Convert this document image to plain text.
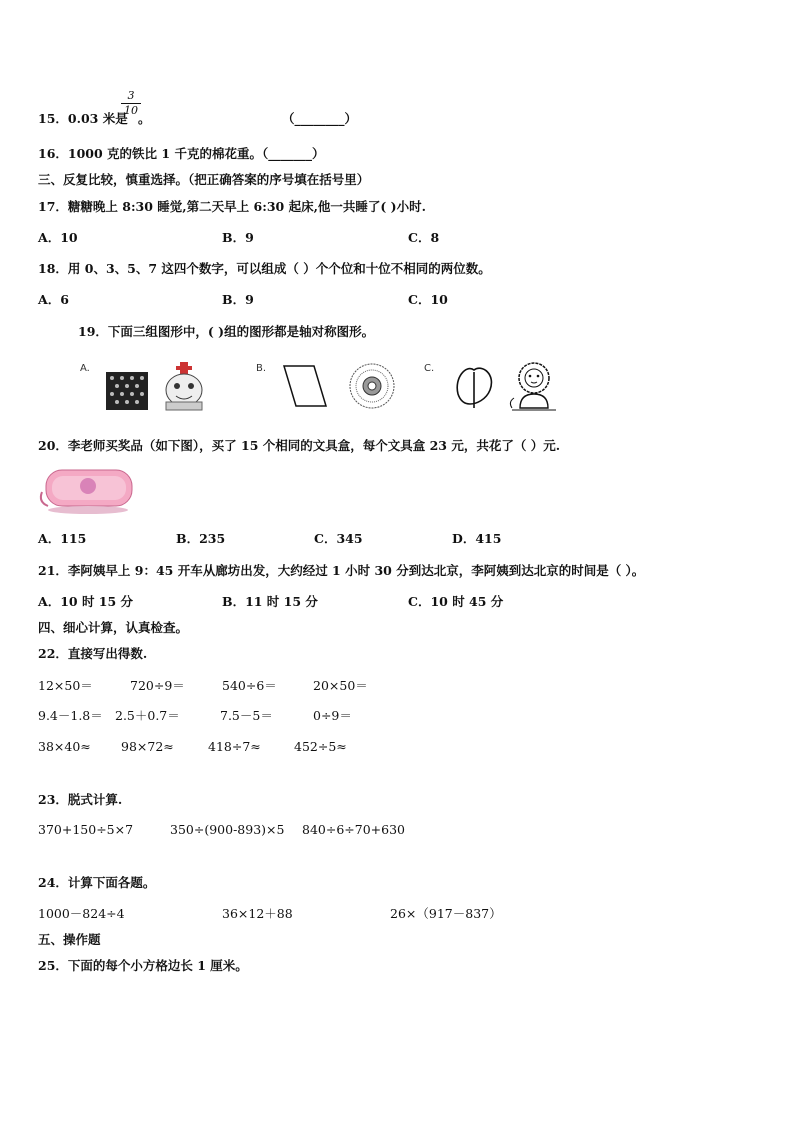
3
10
15．0.03 米是 。	（________）
16．1000 克的铁比 1 千克的棉花重。（_______）
三、反复比较，慎重选择。（把正确答案的序号填在括号里）
17．糖糖晚上 8:30 睡觉,第二天早上 6:30 起床,他一共睡了( )小时.
A．10	B．9	C．8
18．用 0、3、5、7 这四个数字，可以组成（ ）个个位和十位不相同的两位数。
A．6	B．9	C．10
19．下面三组图形中，( )组的图形都是轴对称图形。
A.	B.	C.
20．李老师买奖品（如下图），买了 15 个相同的文具盒，每个文具盒 23 元，共花了（ ）元.
A．115	B．235	C．345	D．415
21．李阿姨早上 9：45 开车从廊坊出发，大约经过 1 小时 30 分到达北京，李阿姨到达北京的时间是（ ）。
A．10 时 15 分	B．11 时 15 分	C．10 时 45 分
四、细心计算，认真检查。
22．直接写出得数.
12×50＝	720÷9＝	540÷6＝	20×50＝
9.4－1.8＝ 2.5＋0.7＝	7.5－5＝	0÷9＝
38×40≈ 98×72≈	418÷7≈	452÷5≈
23．脱式计算.
370+150÷5×7	350÷(900-893)×5 840÷6÷70+630
24．计算下面各题。
1000－824÷4	36×12＋88	26×（917－837）
五、操作题
25．下面的每个小方格边长 1 厘米。
